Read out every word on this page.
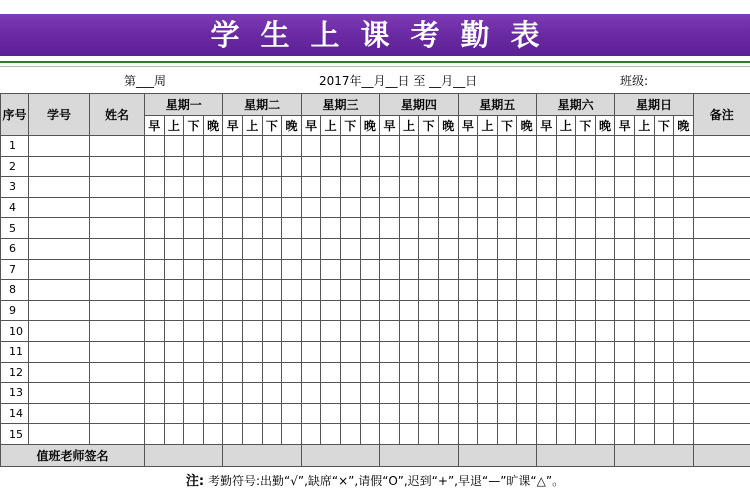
学生上课考勤表
第___周	2017年__月__日 至 __月__日	班级:
序号	学号	姓名	星期一				星期二				星期三				星期四				星期五				星期六				星期日				备注
			早	上	下	晚	早	上	下	晚	早	上	下	晚	早	上	下	晚	早	上	下	晚	早	上	下	晚	早	上	下	晚	
1																															
2																															
3																															
4																															
5																															
6																															
7																															
8																															
9																															
10																															
11																															
12																															
13																															
14																															
15																															
值班老师签名																															
注: 考勤符号:出勤“√”,缺席“×”,请假“O”,迟到“+”,早退“—”旷课“△”。
